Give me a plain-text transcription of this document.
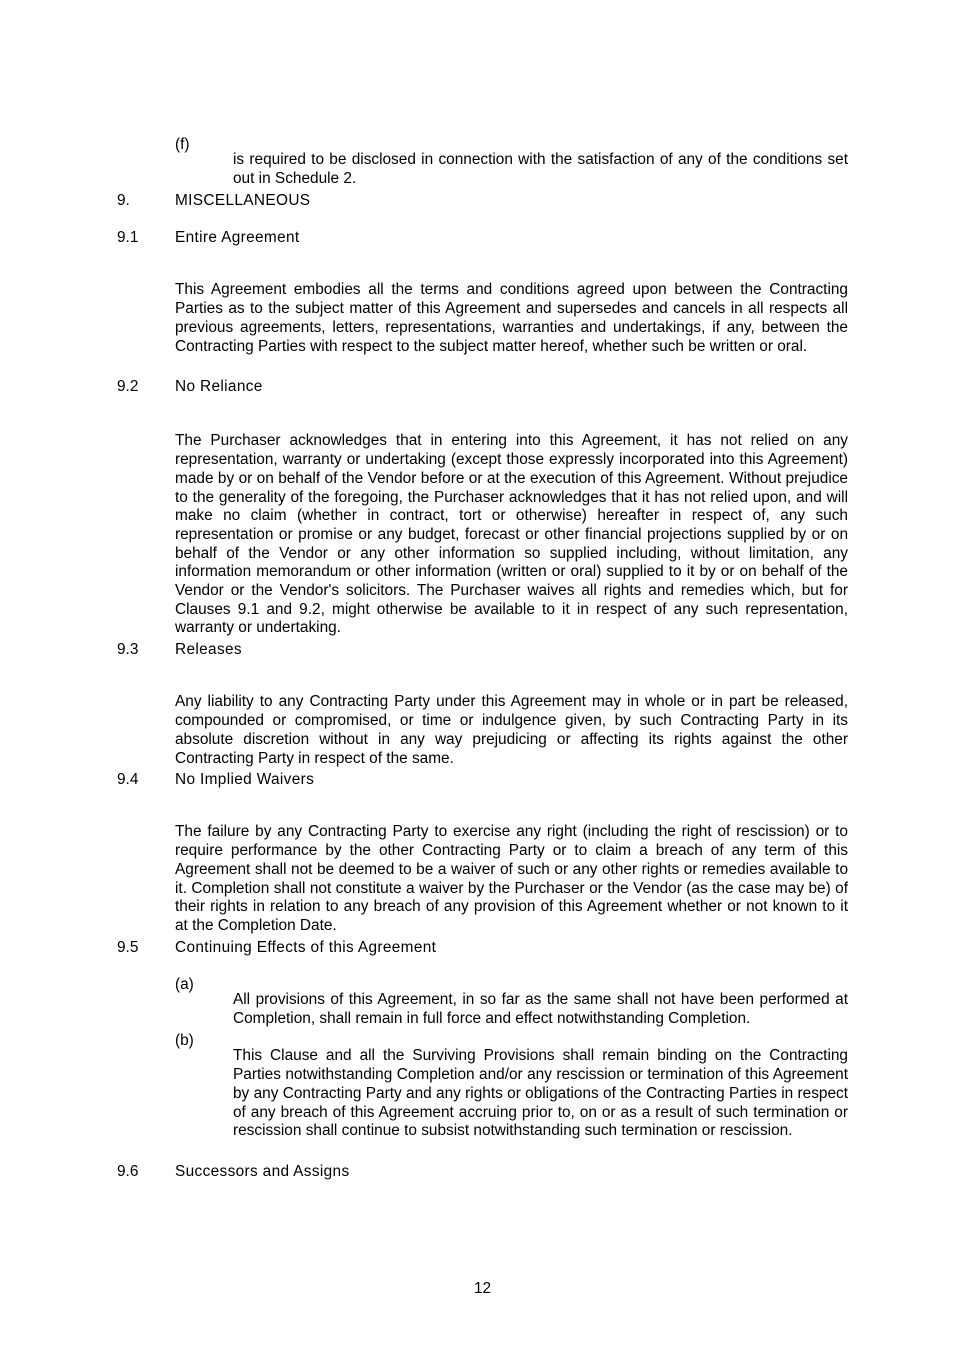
(f)

is required to be disclosed in connection with the satisfaction of any of the conditions set out in Schedule 2.

9.	MISCELLANEOUS
9.1 Entire Agreement

This Agreement embodies all the terms and conditions agreed upon between the Contracting Parties as to the subject matter of this Agreement and supersedes and cancels in all respects all previous agreements, letters, representations, warranties and undertakings, if any, between the Contracting Parties with respect to the subject matter hereof, whether such be written or oral.

9.2 No Reliance

The Purchaser acknowledges that in entering into this Agreement, it has not relied on any representation, warranty or undertaking (except those expressly incorporated into this Agreement) made by or on behalf of the Vendor before or at the execution of this Agreement. Without prejudice to the generality of the foregoing, the Purchaser acknowledges that it has not relied upon, and will make no claim (whether in contract, tort or otherwise) hereafter in respect of, any such representation or promise or any budget, forecast or other financial projections supplied by or on behalf of the Vendor or any other information so supplied including, without limitation, any information memorandum or other information (written or oral) supplied to it by or on behalf of the Vendor or the Vendor's solicitors. The Purchaser waives all rights and remedies which, but for Clauses 9.1 and 9.2, might otherwise be available to it in respect of any such representation, warranty or undertaking.

9.3 Releases

Any liability to any Contracting Party under this Agreement may in whole or in part be released, compounded or compromised, or time or indulgence given, by such Contracting Party in its absolute discretion without in any way prejudicing or affecting its rights against the other Contracting Party in respect of the same.

9.4 No Implied Waivers

The failure by any Contracting Party to exercise any right (including the right of rescission) or to require performance by the other Contracting Party or to claim a breach of any term of this Agreement shall not be deemed to be a waiver of such or any other rights or remedies available to it. Completion shall not constitute a waiver by the Purchaser or the Vendor (as the case may be) of their rights in relation to any breach of any provision of this Agreement whether or not known to it at the Completion Date.

9.5 Continuing Effects of this Agreement
(a)

All provisions of this Agreement, in so far as the same shall not have been performed at Completion, shall remain in full force and effect notwithstanding Completion.

(b)

This Clause and all the Surviving Provisions shall remain binding on the Contracting Parties notwithstanding Completion and/or any rescission or termination of this Agreement by any Contracting Party and any rights or obligations of the Contracting Parties in respect of any breach of this Agreement accruing prior to, on or as a result of such termination or rescission shall continue to subsist notwithstanding such termination or rescission.

9.6 Successors and Assigns
12
